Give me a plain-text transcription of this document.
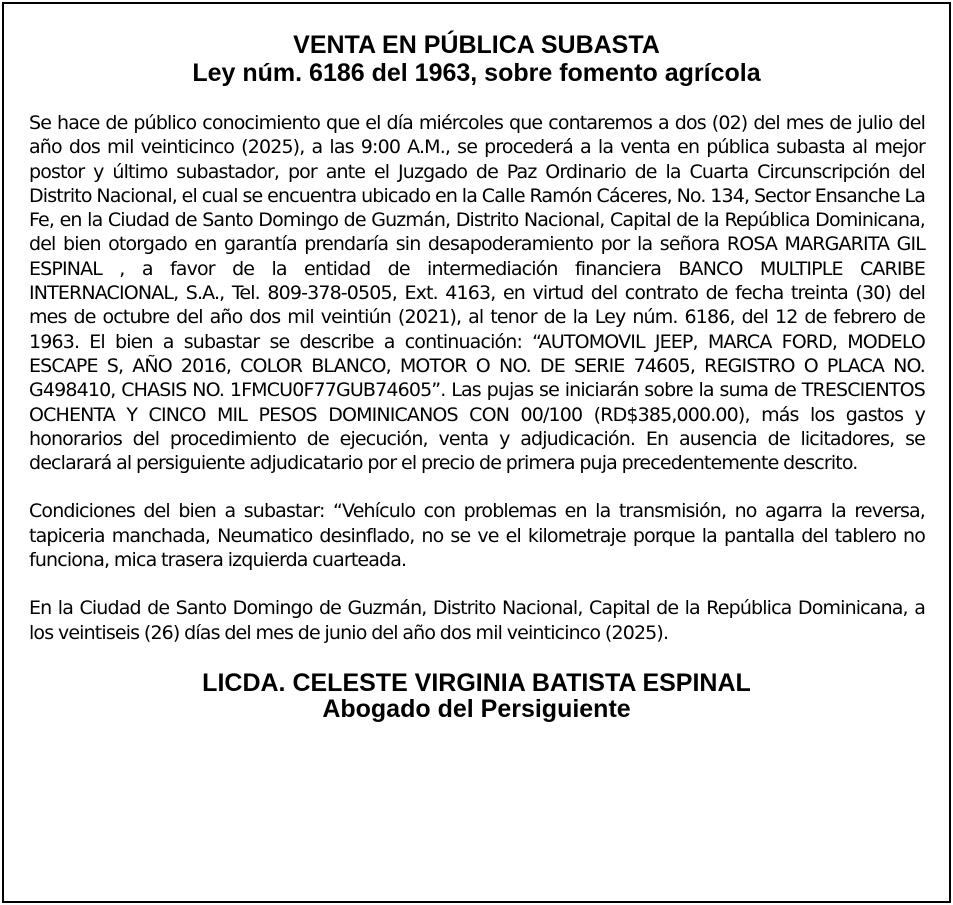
VENTA EN PÚBLICA SUBASTA
Ley núm. 6186 del 1963, sobre fomento agrícola

Se hace de público conocimiento que el día miércoles que contaremos a dos (02) del mes de julio del año dos mil veinticinco (2025), a las 9:00 A.M., se procederá a la venta en pública subasta al mejor postor y último subastador, por ante el Juzgado de Paz Ordinario de la Cuarta Circunscripción del Distrito Nacional, el cual se encuentra ubicado en la Calle Ramón Cáceres, No. 134, Sector Ensanche La Fe, en la Ciudad de Santo Domingo de Guzmán, Distrito Nacional, Capital de la República Dominicana, del bien otorgado en garantía prendaría sin desapoderamiento por la señora ROSA MARGARITA GIL ESPINAL , a favor de la entidad de intermediación financiera BANCO MULTIPLE CARIBE INTERNACIONAL, S.A., Tel. 809-378-0505, Ext. 4163, en virtud del contrato de fecha treinta (30) del mes de octubre del año dos mil veintiún (2021), al tenor de la Ley núm. 6186, del 12 de febrero de 1963. El bien a subastar se describe a continuación: “AUTOMOVIL JEEP, MARCA FORD, MODELO ESCAPE S, AÑO 2016, COLOR BLANCO, MOTOR O NO. DE SERIE 74605, REGISTRO O PLACA NO. G498410, CHASIS NO. 1FMCU0F77GUB74605”. Las pujas se iniciarán sobre la suma de TRESCIENTOS OCHENTA Y CINCO MIL PESOS DOMINICANOS CON 00/100 (RD$385,000.00), más los gastos y honorarios del procedimiento de ejecución, venta y adjudicación. En ausencia de licitadores, se declarará al persiguiente adjudicatario por el precio de primera puja precedentemente descrito.

Condiciones del bien a subastar: “Vehículo con problemas en la transmisión, no agarra la reversa, tapiceria manchada, Neumatico desinflado, no se ve el kilometraje porque la pantalla del tablero no funciona, mica trasera izquierda cuarteada.

En la Ciudad de Santo Domingo de Guzmán, Distrito Nacional, Capital de la República Dominicana, a los veintiseis (26) días del mes de junio del año dos mil veinticinco (2025).

LICDA. CELESTE VIRGINIA BATISTA ESPINAL
Abogado del Persiguiente
